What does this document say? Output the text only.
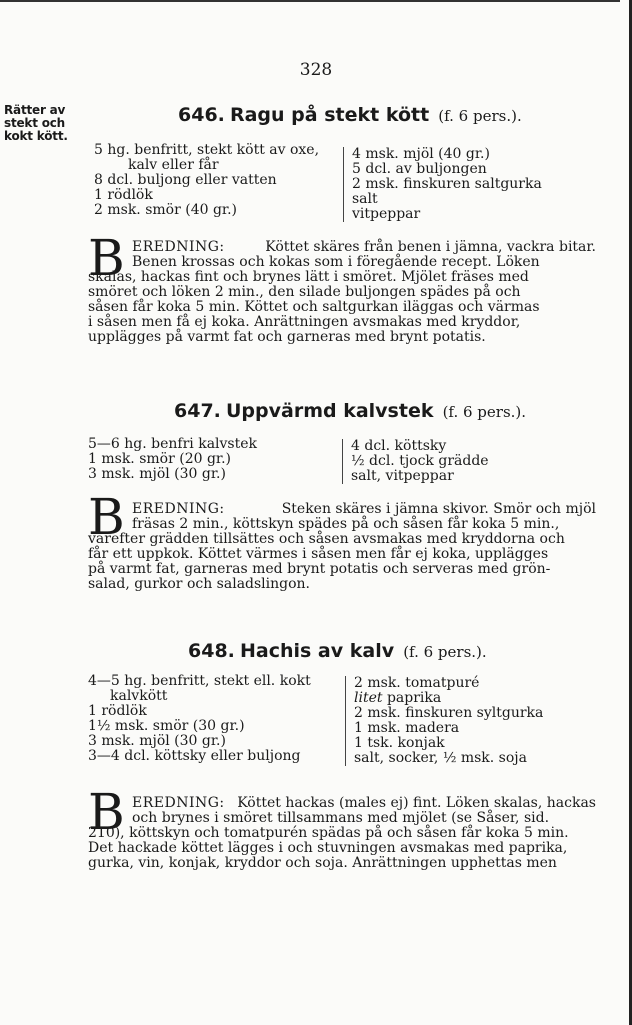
328
Rätter av
stekt och
kokt kött.
646. Ragu på stekt kött (f. 6 pers.).
5 hg. benfritt, stekt kött av oxe,
kalv eller får
8 dcl. buljong eller vatten
1 rödlök
2 msk. smör (40 gr.)
4 msk. mjöl (40 gr.)
5 dcl. av buljongen
2 msk. finskuren saltgurka
salt
vitpeppar
B EREDNING:	Köttet skäres från benen i jämna, vackra bitar.
Benen krossas och kokas som i föregående recept. Löken
skalas, hackas fint och brynes lätt i smöret. Mjölet fräses med
smöret och löken 2 min., den silade buljongen spädes på och
såsen får koka 5 min. Köttet och saltgurkan iläggas och värmas
i såsen men få ej koka. Anrättningen avsmakas med kryddor,
upplägges på varmt fat och garneras med brynt potatis.
647. Uppvärmd kalvstek (f. 6 pers.).
5—6 hg. benfri kalvstek
1 msk. smör (20 gr.)
3 msk. mjöl (30 gr.)
4 dcl. köttsky
½ dcl. tjock grädde
salt, vitpeppar
B EREDNING:	Steken skäres i jämna skivor. Smör och mjöl
fräsas 2 min., köttskyn spädes på och såsen får koka 5 min.,
varefter grädden tillsättes och såsen avsmakas med kryddorna och
får ett uppkok. Köttet värmes i såsen men får ej koka, upplägges
på varmt fat, garneras med brynt potatis och serveras med grön-
salad, gurkor och saladslingon.
648. Hachis av kalv (f. 6 pers.).
4—5 hg. benfritt, stekt ell. kokt
kalvkött
1 rödlök
1½ msk. smör (30 gr.)
3 msk. mjöl (30 gr.)
3—4 dcl. köttsky eller buljong
2 msk. tomatpuré
litet paprika
2 msk. finskuren syltgurka
1 msk. madera
1 tsk. konjak
salt, socker, ½ msk. soja
B EREDNING: Köttet hackas (males ej) fint. Löken skalas, hackas
och brynes i smöret tillsammans med mjölet (se Såser, sid.
210), köttskyn och tomatpurén spädas på och såsen får koka 5 min.
Det hackade köttet lägges i och stuvningen avsmakas med paprika,
gurka, vin, konjak, kryddor och soja. Anrättningen upphettas men
